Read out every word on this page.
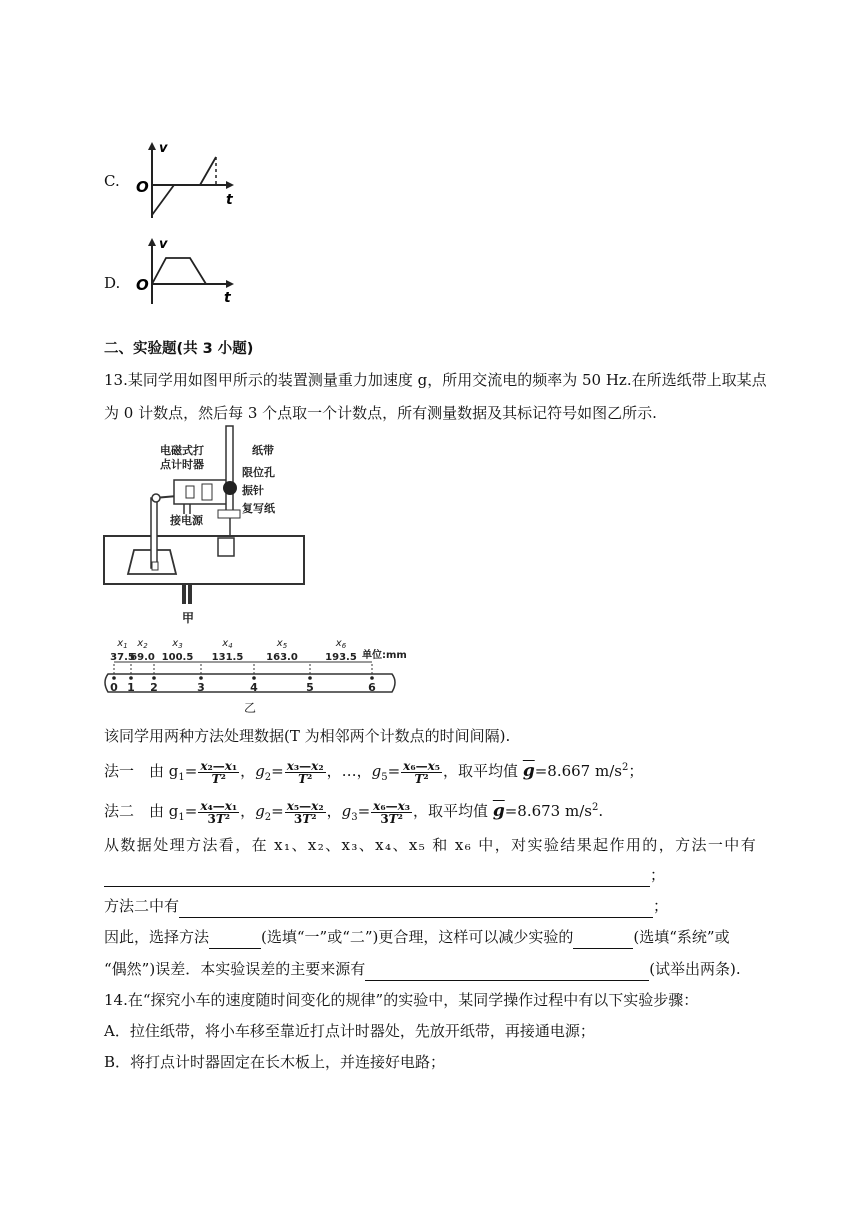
C.
v
O
t
D.
v
O
t
二、实验题(共 3 小题)
13.某同学用如图甲所示的装置测量重力加速度 g，所用交流电的频率为 50 Hz.在所选纸带上取某点
为 0 计数点，然后每 3 个点取一个计数点，所有测量数据及其标记符号如图乙所示.
电磁式打
点计时器
纸带
限位孔
振针
复写纸
接电源
甲
$x_1$
37.5
$x_2$
69.0
$x_3$
100.5
$x_4$
131.5
$x_5$
163.0
$x_6$
193.5 单位:mm
0 1 2	3	4	5	6
乙
该同学用两种方法处理数据(T 为相邻两个计数点的时间间隔).
法一　由 $g_1= \frac{\text{x₂—x₁}}{\text{T²}}$ ，$g_2= \frac{\text{x₃—x₂}}{\text{T²}}$ ，…，$g_5= \frac{\text{x₆—x₅}}{\text{T²}}$ ，取平均值 $\overline{g}=8.667$ $m/s^2$；
法二　由 $g_1= \frac{\text{x₄—x₁}}{\text{3T²}}$ ，$g_2= \frac{\text{x₅—x₂}}{\text{3T²}}$ ，$g_3= \frac{\text{x₆—x₃}}{\text{3T²}}$ ，取平均值 $\overline{g}=8.673$ $m/s^2$.
从数据处理方法看，在 x₁、x₂、x₃、x₄、x₅ 和 x₆ 中，对实验结果起作用的，方法一中有
；
方法二中有	；
因此，选择方法	(选填“一”或“二”)更合理，这样可以减少实验的	(选填“系统”或
“偶然”)误差．本实验误差的主要来源有	(试举出两条).
14.在“探究小车的速度随时间变化的规律”的实验中，某同学操作过程中有以下实验步骤：
A．拉住纸带，将小车移至靠近打点计时器处，先放开纸带，再接通电源；
B．将打点计时器固定在长木板上，并连接好电路；
